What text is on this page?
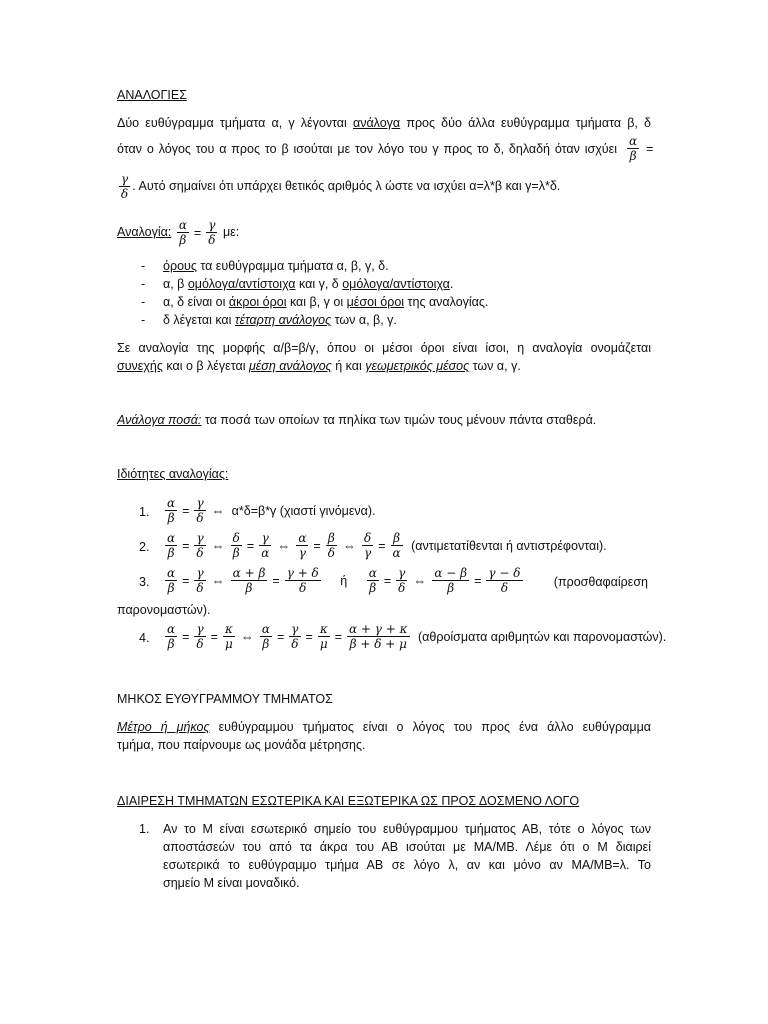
ΑΝΑΛΟΓΙΕΣ
Δύο ευθύγραμμα τμήματα α, γ λέγονται ανάλογα προς δύο άλλα ευθύγραμμα τμήματα β, δ
όταν ο λόγος του α προς το β ισούται με τον λόγο του γ προς το δ, δηλαδή όταν ισχύει $\frac{\alpha}{\beta}$ =
$\frac{\gamma}{\delta}$ . Αυτό σημαίνει ότι υπάρχει θετικός αριθμός λ ώστε να ισχύει α=λ*β και γ=λ*δ.
Αναλογία: $\frac{\alpha}{\beta} = \frac{\gamma}{\delta} \mu\varepsilon$:
- όρους τα ευθύγραμμα τμήματα α, β, γ, δ.
- α, β ομόλογα/αντίστοιχα και γ, δ ομόλογα/αντίστοιχα.
- α, δ είναι οι άκροι όροι και β, γ οι μέσοι όροι της αναλογίας.
- δ λέγεται και τέταρτη ανάλογος των α, β, γ.
Σε αναλογία της μορφής α/β=β/γ, όπου οι μέσοι όροι είναι ίσοι, η αναλογία ονομάζεται
συνεχής και ο β λέγεται μέση ανάλογος ή και γεωμετρικός μέσος των α, γ.
Ανάλογα ποσά: τα ποσά των οποίων τα πηλίκα των τιμών τους μένουν πάντα σταθερά.
Ιδιότητες αναλογίας:
1. $\frac{\alpha}{\beta} = \frac{\gamma}{\delta}$ ⇔ α*δ=β*γ (χιαστί γινόμενα).
2. $\frac{\alpha}{\beta} = \frac{\gamma}{\delta}$ ⇔ $\frac{\delta}{\beta} = \frac{\gamma}{\alpha}$ ⇔ $\frac{\alpha}{\gamma} = \frac{\beta}{\delta}$ ⇔ $\frac{\delta}{\gamma} = \frac{\beta}{\alpha} (\alpha\nu\tau\iota\mu\varepsilon\tau\alpha\tau ί\theta\varepsilon\nu\tau\alpha\iota$ ή αντιστρέφονται).
3. $\frac{\alpha}{\beta} = \frac{\gamma}{\delta}$ ⇔ $\frac{\alpha + \beta}{\beta} = \frac{\gamma + \delta}{\delta}$ ή $\frac{\alpha}{\beta} = \frac{\gamma}{\delta}$ ⇔ $\frac{\alpha - \beta}{\beta} = \frac{\gamma - \delta}{\delta}$	(προσθαφαίρεση
παρονομαστών).
4. $\frac{\alpha}{\beta} = \frac{\gamma}{\delta} = \frac{\kappa}{\mu}$ ⇔ $\frac{\alpha}{\beta} = \frac{\gamma}{\delta} = \frac{\kappa}{\mu} = \frac{\alpha + \gamma + \kappa}{\beta + \delta + \mu} (\alpha\theta\rho oί\sigma\mu\alpha\tau\alpha$ αριθμητών και παρονομαστών).
ΜΗΚΟΣ ΕΥΘΥΓΡΑΜΜΟΥ ΤΜΗΜΑΤΟΣ
Μέτρο ή μήκος ευθύγραμμου τμήματος είναι ο λόγος του προς ένα άλλο ευθύγραμμα
τμήμα, που παίρνουμε ως μονάδα μέτρησης.
ΔΙΑΙΡΕΣΗ ΤΜΗΜΑΤΩΝ ΕΣΩΤΕΡΙΚΑ ΚΑΙ ΕΞΩΤΕΡΙΚΑ ΩΣ ΠΡΟΣ ΔΟΣΜΕΝΟ ΛΟΓΟ
1. Αν το Μ είναι εσωτερικό σημείο του ευθύγραμμου τμήματος ΑΒ, τότε ο λόγος των
αποστάσεών του από τα άκρα του ΑΒ ισούται με ΜΑ/ΜΒ. Λέμε ότι ο Μ διαιρεί
εσωτερικά το ευθύγραμμο τμήμα ΑΒ σε λόγο λ, αν και μόνο αν ΜΑ/ΜΒ=λ. Το
σημείο Μ είναι μοναδικό.
